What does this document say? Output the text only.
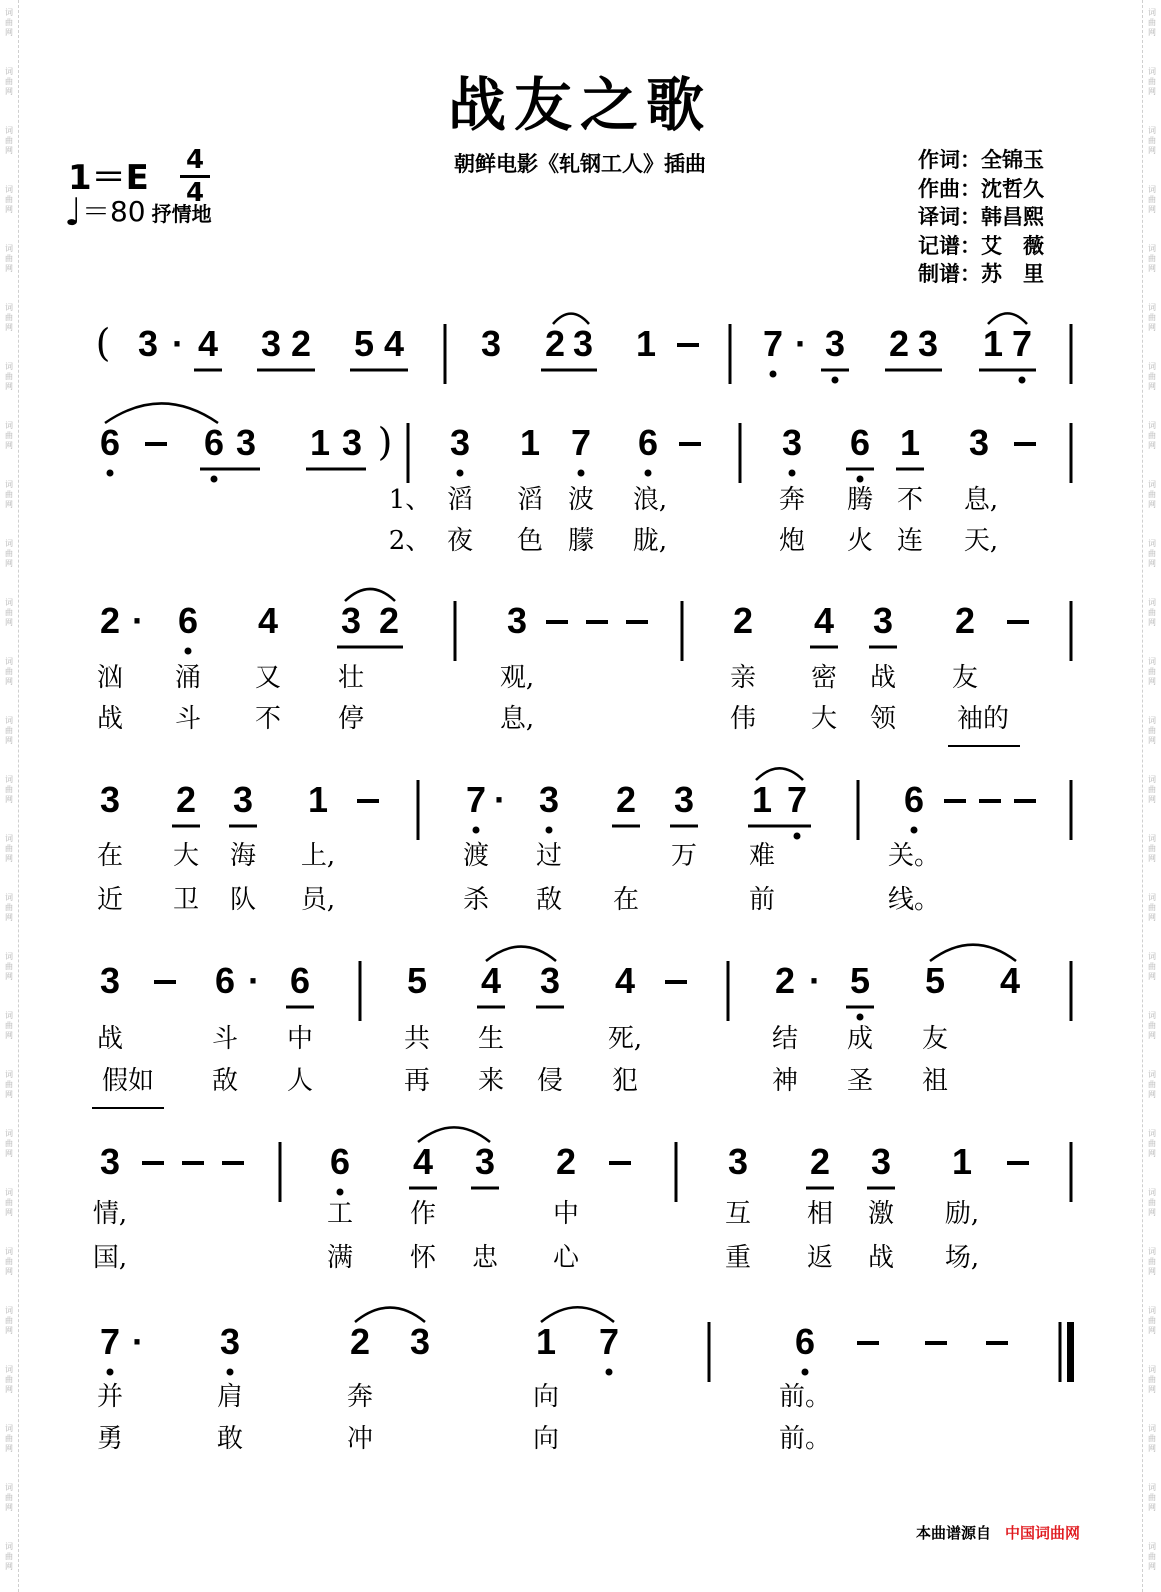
词
曲
网
词
曲
网
词
曲
网
词
曲
网
词
曲
网
词
曲
网
词
曲
网
词
曲
网
词
曲
网
词
曲
网
词
曲
网
词
曲
网
词
曲
网
词
曲
网
词
曲
网
词
曲
网
词
曲
网
词
曲
网
词
曲
网
词
曲
网
词
曲
网
词
曲
网
词
曲
网
词
曲
网
词
曲
网
词
曲
网
词
曲
网
词
曲
网
词
曲
网
词
曲
网
词
曲
网
词
曲
网
词
曲
网
词
曲
网
词
曲
网
词
曲
网
词
曲
网
词
曲
网
词
曲
网
词
曲
网
词
曲
网
词
曲
网
词
曲
网
词
曲
网
词
曲
网
词
曲
网
词
曲
网
词
曲
网
词
曲
网
词
曲
网
词
曲
网
词
曲
网
词
曲
网
词
曲
网
战友之歌
朝鲜电影《轧钢工人》插曲
1＝E	4
4
♩＝80 抒情地
作词：全锦玉
作曲：沈哲久
译词：韩昌熙
记谱：艾　薇
制谱：苏　里
( 3 · 4 3 2 5 4 3 2 3 1	7 · 3 2 3 1 7
6 6 3 1 3 ) 3 1 7 6	3 6 1 3
2 · 6 4 3 2	3	2 4 3 2
3 2 3 1	7 · 3 2 3 1 7	6
3	6 · 6	5 4 3 4	2 · 5 5 4
3	6 4 3 2	3 2 3 1
7 · 3	2 3	1 7	6
1、 滔 滔 波 浪,	奔 腾 不 息,
2、 夜 色 朦 胧,	炮 火 连 天,
汹 涌 又 壮	观,	亲 密 战 友
战 斗 不 停	息,	伟 大 领 袖的
在 大 海 上,	渡 过	万 难	关。
近 卫 队 员,	杀 敌 在	前	线。
战	斗 中	共 生	死,	结 成 友
假如 敌 人	再 来 侵 犯	神 圣 祖
情,	工 作	中	互 相 激 励,
国,	满 怀 忠 心	重 返 战 场,
并	肩	奔	向	前。
勇	敢	冲	向	前。
本曲谱源自 中国词曲网
